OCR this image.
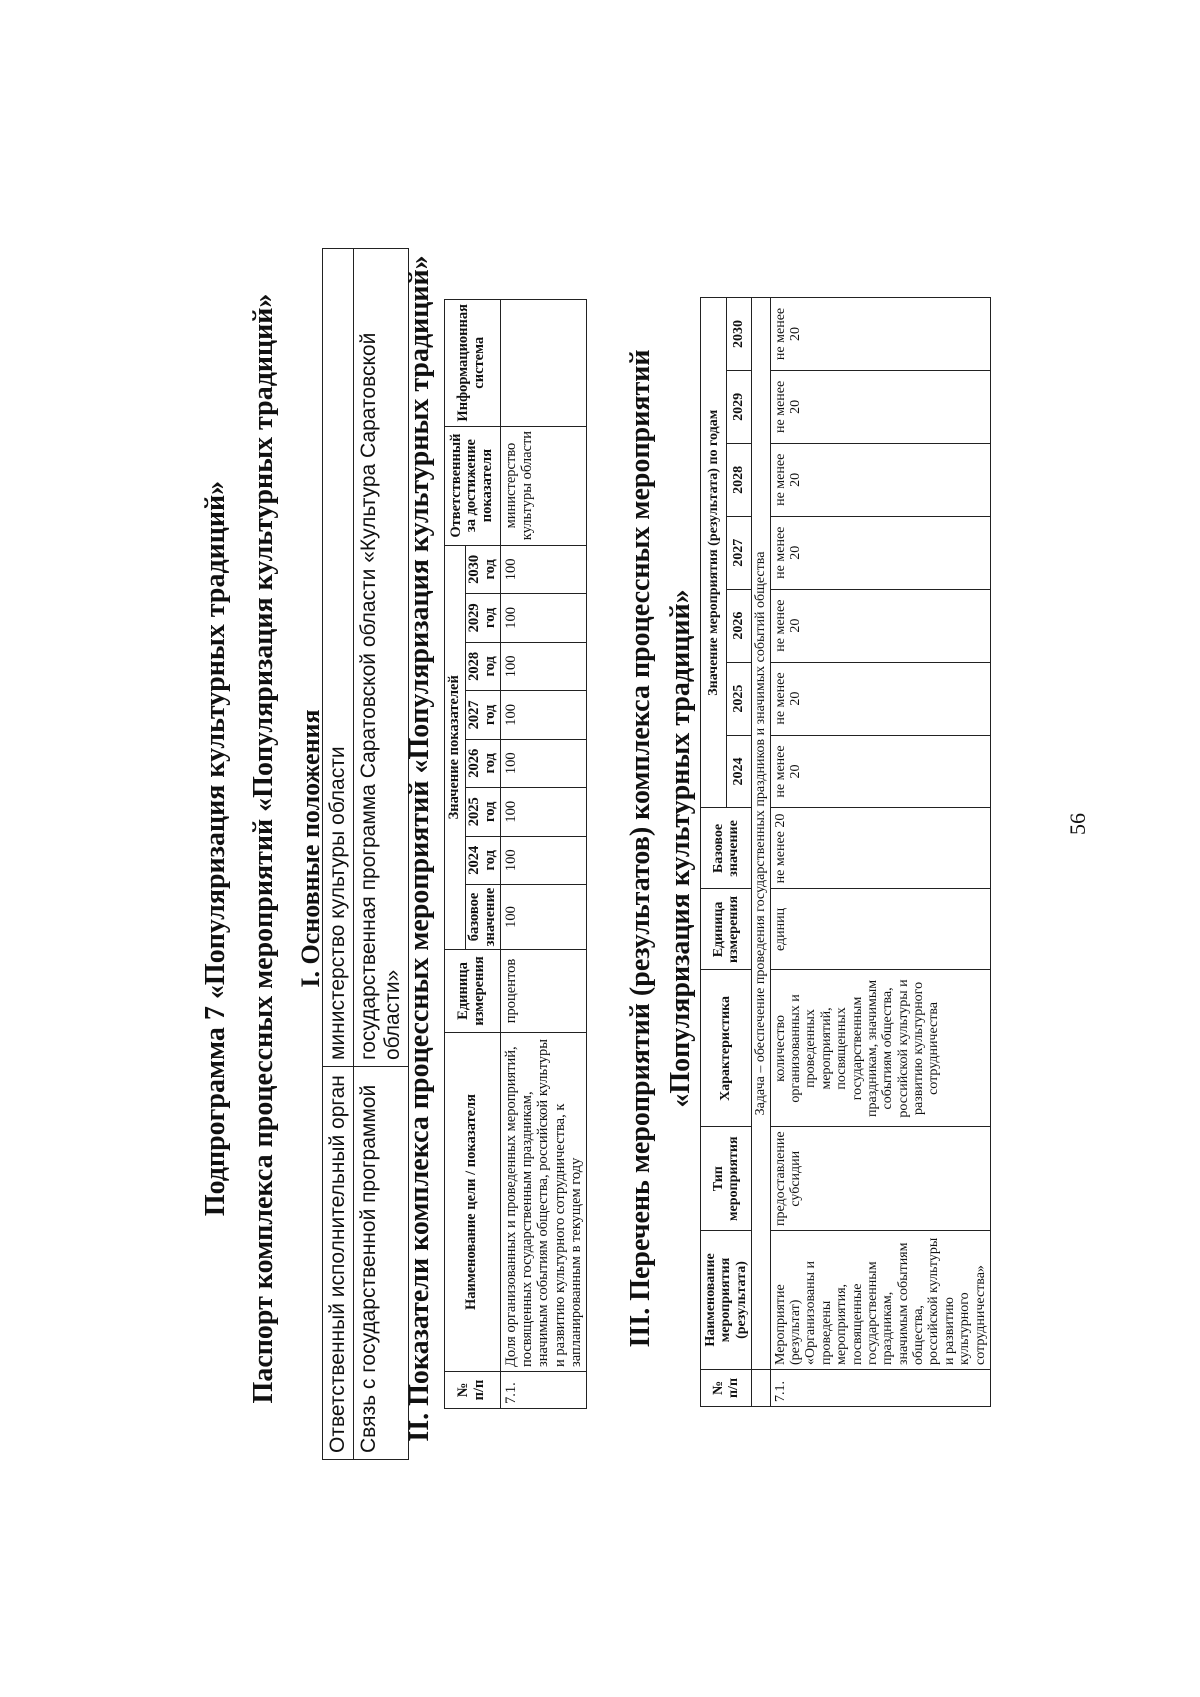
56
Подпрограмма 7 «Популяризация культурных традиций» Паспорт комплекса процессных мероприятий «Популяризация культурных традиций» I. Основные положения
Ответственный исполнительный орган	министерство культуры области
Связь с государственной программой	государственная программа Саратовской области «Культура Саратовской области» II. Показатели комплекса процессных мероприятий «Популяризация культурных традиций» № п/п	Наименование цели / показателя	Единица измерения	Значение показателей								Ответственный за достижение показателя	Информационная система
			базовое значение	2024 год	2025 год	2026 год	2027 год	2028 год	2029 год	2030 год		
7.1.	Доля организованных и проведенных мероприятий, посвященных государственным праздникам, значимым событиям общества, российской культуры и развитию культурного сотрудничества, к запланированным в текущем году	процентов	100	100	100	100	100	100	100	100	министерство культуры области		III. Перечень мероприятий (результатов) комплекса процессных мероприятий «Популяризация культурных традиций»
№ п/п	Наименование мероприятия (результата)	Тип мероприятия	Характеристика	Единица измерения	Базовое значение	Значение мероприятия (результата) по годам						
						2024	2025	2026	2027	2028	2029	2030
	Задача – обеспечение проведения государственных праздников и значимых событий общества											
7.1.	Мероприятие (результат) «Организованы и проведены мероприятия, посвященные государственным праздникам, значимым событиям общества, российской культуры и развитию культурного сотрудничества»	предоставление субсидии	количество организованных и проведенных мероприятий, посвященных государственным праздникам, значимым событиям общества, российской культуры и развитию культурного сотрудничества	единиц	не менее 20	не менее 20	не менее 20	не менее 20	не менее 20	не менее 20	не менее 20	не менее 20
